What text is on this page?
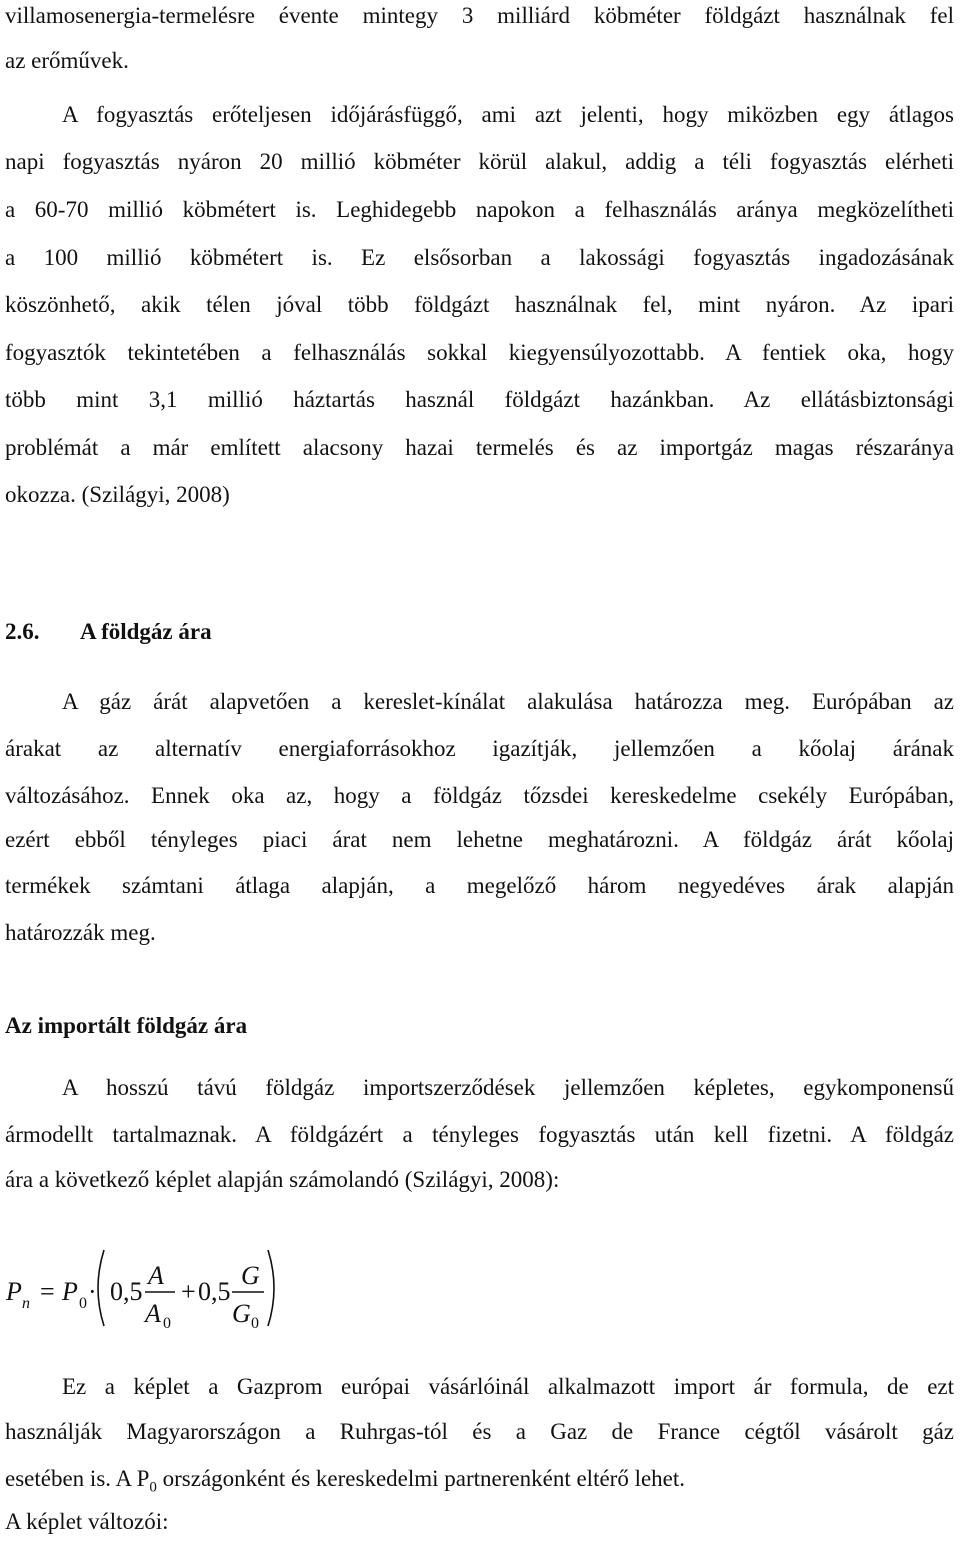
villamosenergia-termelésre évente mintegy 3 milliárd köbméter földgázt használnak fel
az erőművek.
A fogyasztás erőteljesen időjárásfüggő, ami azt jelenti, hogy miközben egy átlagos
napi fogyasztás nyáron 20 millió köbméter körül alakul, addig a téli fogyasztás elérheti
a 60-70 millió köbmétert is. Leghidegebb napokon a felhasználás aránya megközelítheti
a 100 millió köbmétert is. Ez elsősorban a lakossági fogyasztás ingadozásának
köszönhető, akik télen jóval több földgázt használnak fel, mint nyáron. Az ipari
fogyasztók tekintetében a felhasználás sokkal kiegyensúlyozottabb. A fentiek oka, hogy
több mint 3,1 millió háztartás használ földgázt hazánkban. Az ellátásbiztonsági
problémát a már említett alacsony hazai termelés és az importgáz magas részaránya
okozza. (Szilágyi, 2008)
2.6. A földgáz ára
A gáz árát alapvetően a kereslet-kínálat alakulása határozza meg. Európában az
árakat az alternatív energiaforrásokhoz igazítják, jellemzően a kőolaj árának
változásához. Ennek oka az, hogy a földgáz tőzsdei kereskedelme csekély Európában,
ezért ebből tényleges piaci árat nem lehetne meghatározni. A földgáz árát kőolaj
termékek számtani átlaga alapján, a megelőző három negyedéves árak alapján
határozzák meg.
Az importált földgáz ára
A hosszú távú földgáz importszerződések jellemzően képletes, egykomponensű
ármodellt tartalmaznak. A földgázért a tényleges fogyasztás után kell fizetni. A földgáz
ára a következő képlet alapján számolandó (Szilágyi, 2008):
P n = P 0 · 0,5
A
A 0
+ 0,5
G
G 0
Ez a képlet a Gazprom európai vásárlóinál alkalmazott import ár formula, de ezt
használják Magyarországon a Ruhrgas-tól és a Gaz de France cégtől vásárolt gáz
esetében is. A $P_0$ országonként és kereskedelmi partnerenként eltérő lehet.
A képlet változói:
